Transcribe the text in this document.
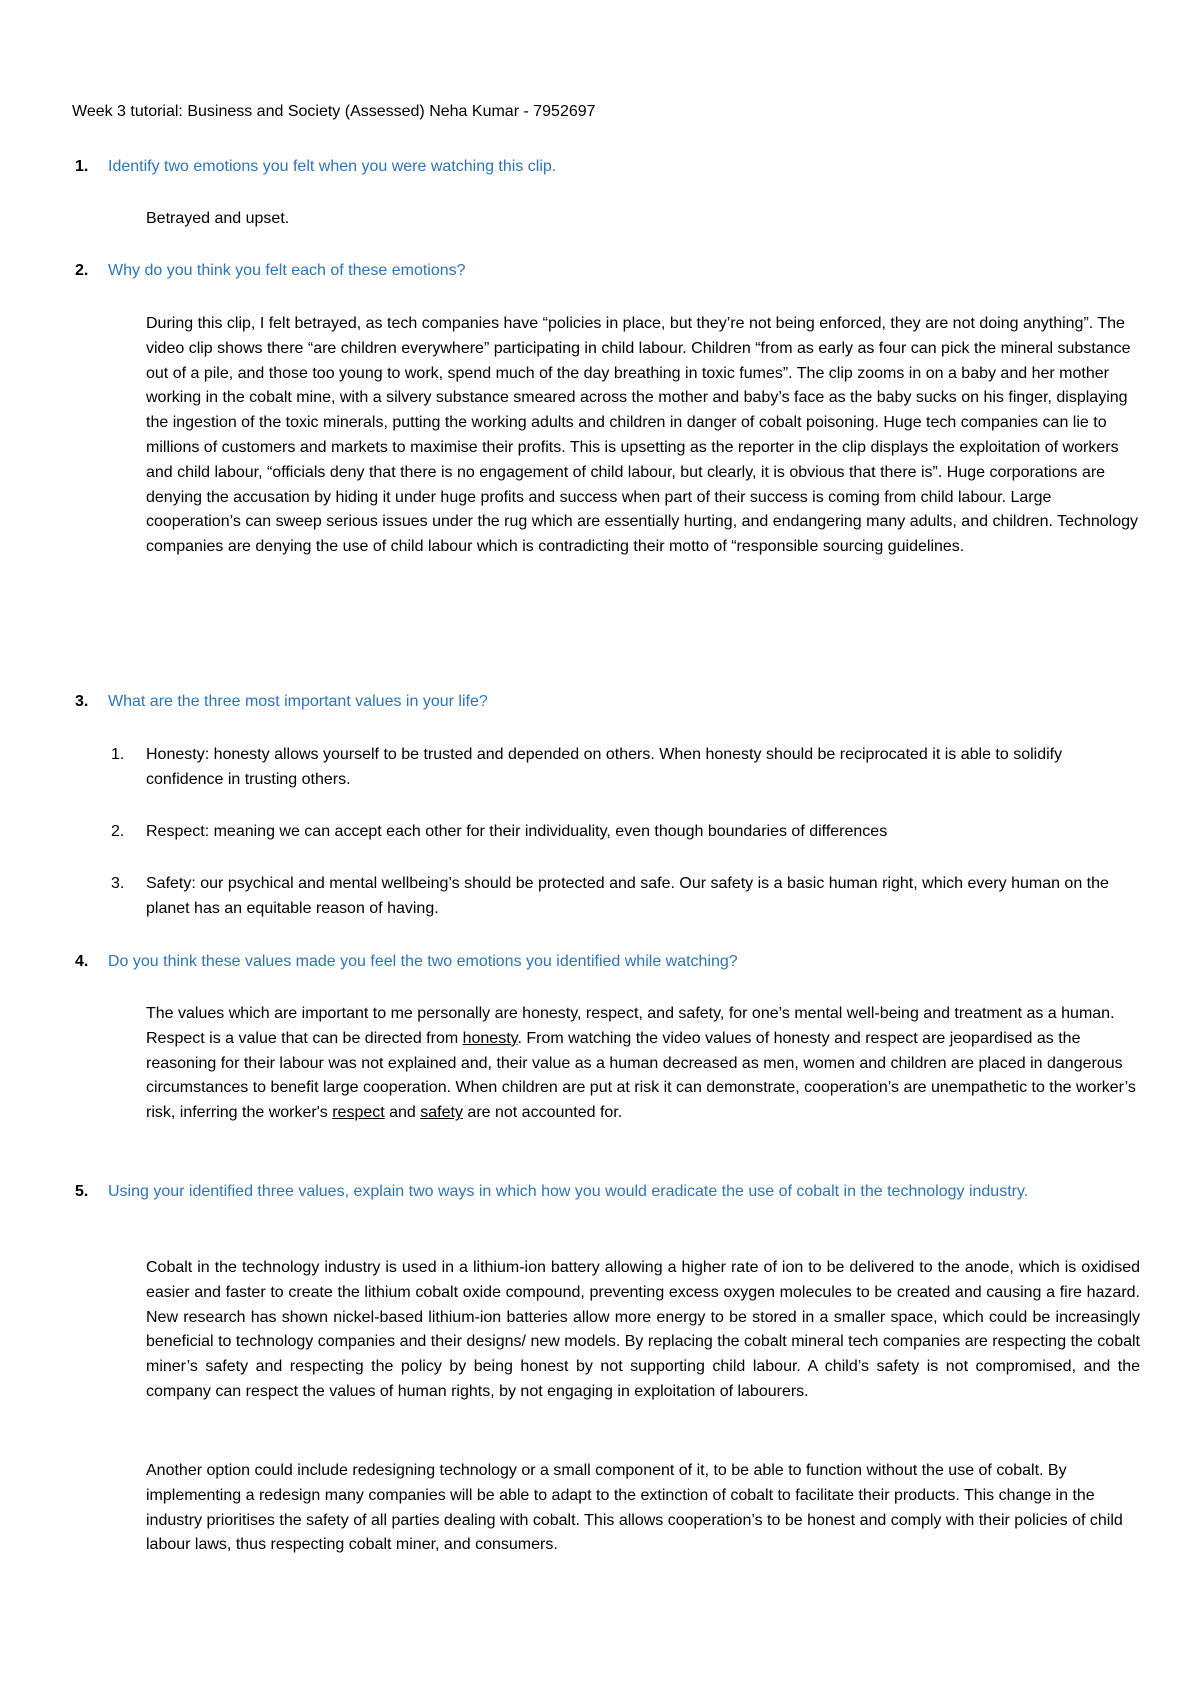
Week 3 tutorial: Business and Society (Assessed) Neha Kumar - 7952697
1. Identify two emotions you felt when you were watching this clip.
Betrayed and upset.
2. Why do you think you felt each of these emotions?
During this clip, I felt betrayed, as tech companies have “policies in place, but they’re not being enforced, they are not doing anything”. The video clip shows there “are children everywhere” participating in child labour. Children “from as early as four can pick the mineral substance out of a pile, and those too young to work, spend much of the day breathing in toxic fumes”. The clip zooms in on a baby and her mother working in the cobalt mine, with a silvery substance smeared across the mother and baby’s face as the baby sucks on his finger, displaying the ingestion of the toxic minerals, putting the working adults and children in danger of cobalt poisoning. Huge tech companies can lie to millions of customers and markets to maximise their profits. This is upsetting as the reporter in the clip displays the exploitation of workers and child labour, “officials deny that there is no engagement of child labour, but clearly, it is obvious that there is”. Huge corporations are denying the accusation by hiding it under huge profits and success when part of their success is coming from child labour. Large cooperation’s can sweep serious issues under the rug which are essentially hurting, and endangering many adults, and children. Technology companies are denying the use of child labour which is contradicting their motto of “responsible sourcing guidelines.
3. What are the three most important values in your life?
1. Honesty: honesty allows yourself to be trusted and depended on others. When honesty should be reciprocated it is able to solidify confidence in trusting others.
2. Respect: meaning we can accept each other for their individuality, even though boundaries of differences
3. Safety: our psychical and mental wellbeing’s should be protected and safe. Our safety is a basic human right, which every human on the planet has an equitable reason of having.
4. Do you think these values made you feel the two emotions you identified while watching?
The values which are important to me personally are honesty, respect, and safety, for one’s mental well-being and treatment as a human. Respect is a value that can be directed from honesty. From watching the video values of honesty and respect are jeopardised as the reasoning for their labour was not explained and, their value as a human decreased as men, women and children are placed in dangerous circumstances to benefit large cooperation. When children are put at risk it can demonstrate, cooperation’s are unempathetic to the worker’s risk, inferring the worker's respect and safety are not accounted for.
5. Using your identified three values, explain two ways in which how you would eradicate the use of cobalt in the technology industry.
Cobalt in the technology industry is used in a lithium-ion battery allowing a higher rate of ion to be delivered to the anode, which is oxidised easier and faster to create the lithium cobalt oxide compound, preventing excess oxygen molecules to be created and causing a fire hazard. New research has shown nickel-based lithium-ion batteries allow more energy to be stored in a smaller space, which could be increasingly beneficial to technology companies and their designs/ new models. By replacing the cobalt mineral tech companies are respecting the cobalt miner’s safety and respecting the policy by being honest by not supporting child labour. A child’s safety is not compromised, and the company can respect the values of human rights, by not engaging in exploitation of labourers.
Another option could include redesigning technology or a small component of it, to be able to function without the use of cobalt. By implementing a redesign many companies will be able to adapt to the extinction of cobalt to facilitate their products. This change in the industry prioritises the safety of all parties dealing with cobalt. This allows cooperation’s to be honest and comply with their policies of child labour laws, thus respecting cobalt miner, and consumers.
